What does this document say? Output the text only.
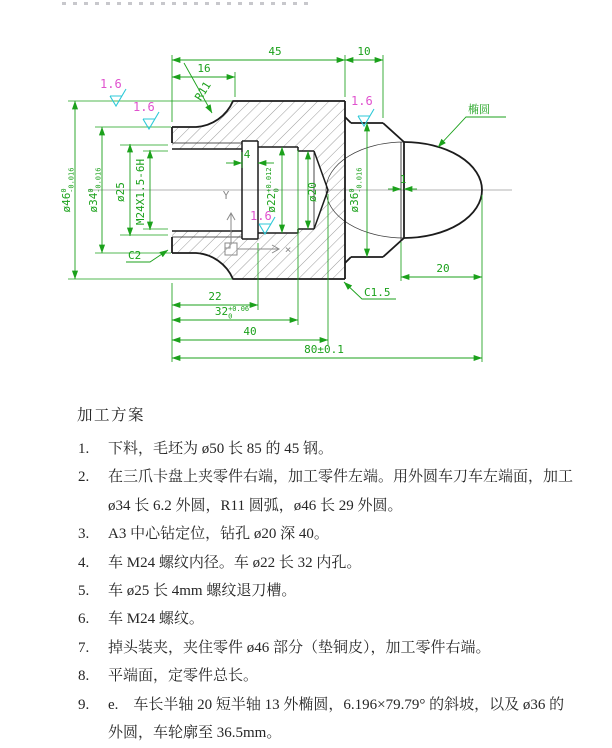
45
16
10
R11
4
1
20
22
$32^{+0.06}$ 0
40
80±0.1
$ø46^0-0.016$
$ø34^0-0.016$ ø25 M24X1.5-6H	$ø22^{+0.012}0$ ø20
$ø36^0-0.016$
C2
C1.5
椭圆
1.6
1.6	1.6
1.6
Y
×
加工方案
1. 下料，毛坯为 ø50 长 85 的 45 钢。
2. 在三爪卡盘上夹零件右端，加工零件左端。用外圆车刀车左端面，加工 ø34 长 6.2 外圆，R11 圆弧，ø46 长 29 外圆。
3. A3 中心钻定位，钻孔 ø20 深 40。
4. 车 M24 螺纹内径。车 ø22 长 32 内孔。
5. 车 ø25 长 4mm 螺纹退刀槽。
6. 车 M24 螺纹。
7. 掉头装夹，夹住零件 ø46 部分（垫铜皮），加工零件右端。
8. 平端面，定零件总长。
9. e.　车长半轴 20 短半轴 13 外椭圆，6.196×79.79° 的斜坡，以及 ø36 的外圆，车轮廓至 36.5mm。
